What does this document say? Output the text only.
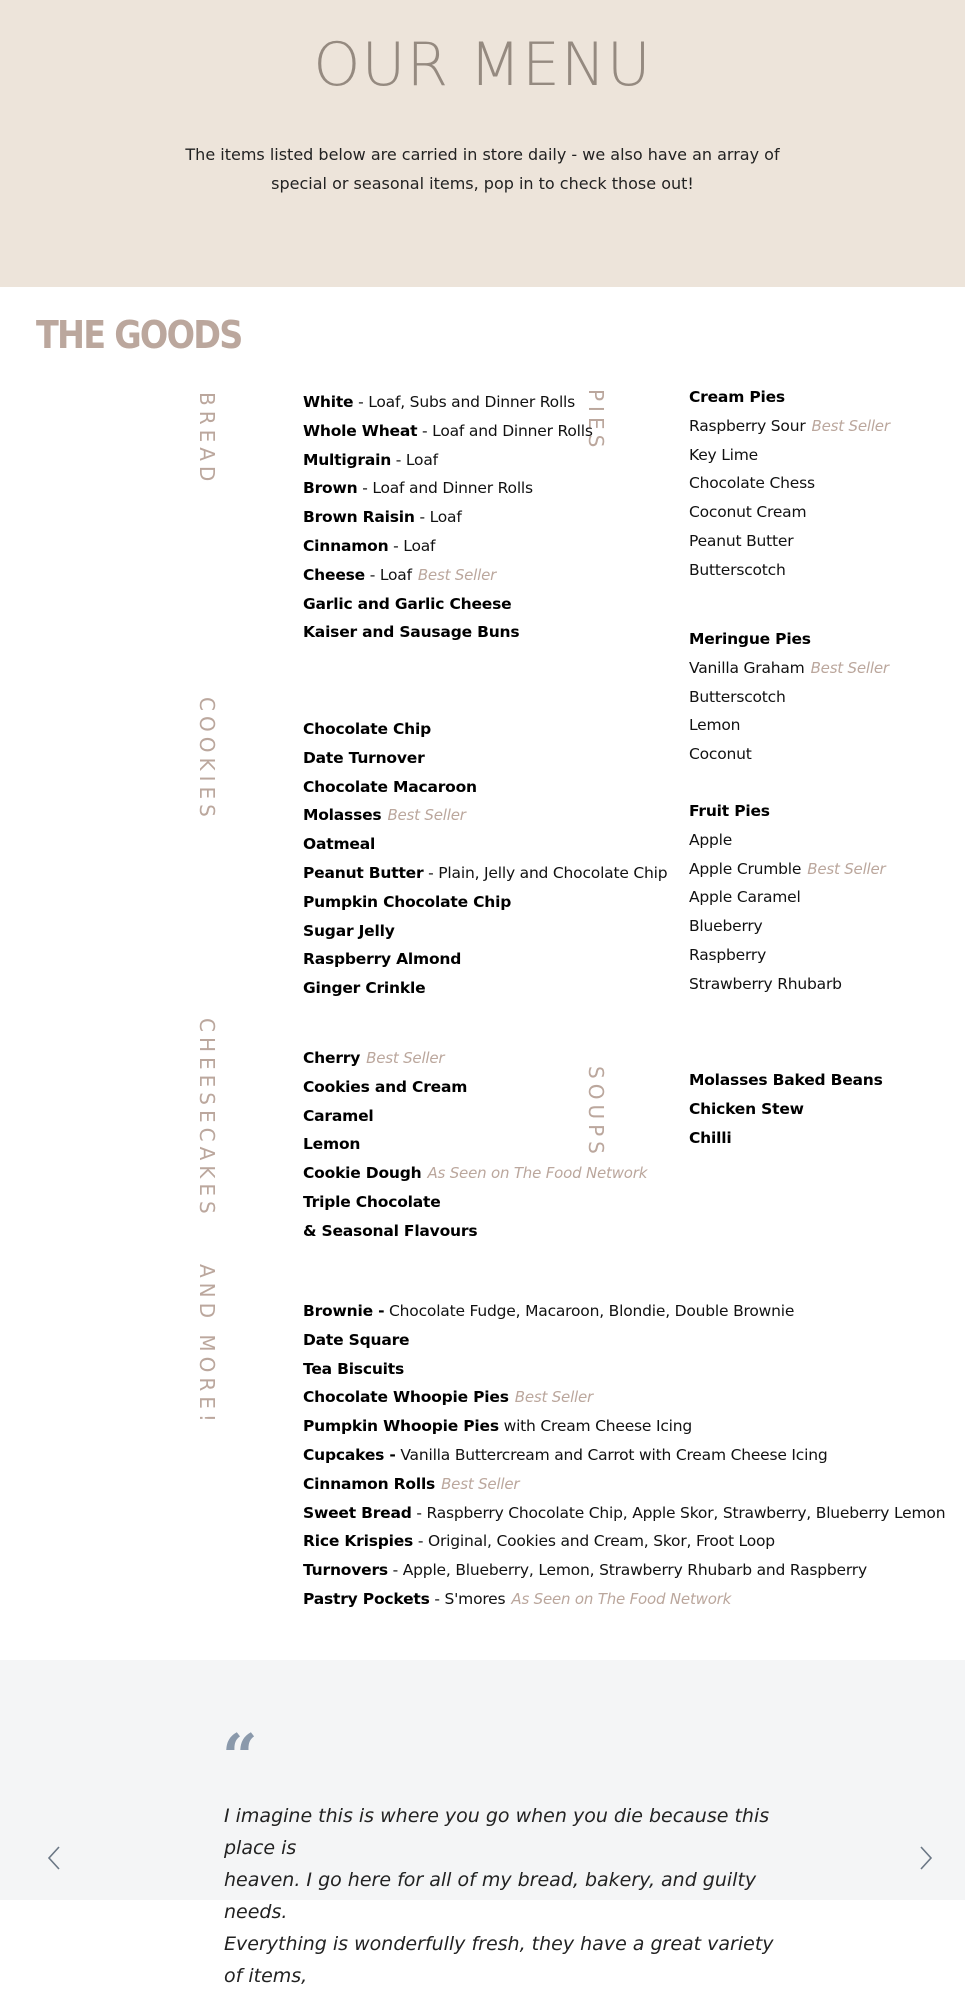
OUR MENU

The items listed below are carried in store daily - we also have an array of special or seasonal items, pop in to check those out!

THE GOODS
BREAD
COOKIES
CHEESECAKES
AND MORE!
PIES
SOUPS
White - Loaf, Subs and Dinner Rolls
Whole Wheat - Loaf and Dinner Rolls
Multigrain - Loaf
Brown - Loaf and Dinner Rolls
Brown Raisin - Loaf
Cinnamon - Loaf
Cheese - Loaf Best Seller
Garlic and Garlic Cheese
Kaiser and Sausage Buns
Chocolate Chip
Date Turnover
Chocolate Macaroon
Molasses Best Seller
Oatmeal
Peanut Butter - Plain, Jelly and Chocolate Chip
Pumpkin Chocolate Chip
Sugar Jelly
Raspberry Almond
Ginger Crinkle
Cherry Best Seller
Cookies and Cream
Caramel
Lemon
Cookie Dough As Seen on The Food Network
Triple Chocolate
& Seasonal Flavours
Brownie - Chocolate Fudge, Macaroon, Blondie, Double Brownie
Date Square
Tea Biscuits
Chocolate Whoopie Pies Best Seller
Pumpkin Whoopie Pies with Cream Cheese Icing
Cupcakes - Vanilla Buttercream and Carrot with Cream Cheese Icing
Cinnamon Rolls Best Seller
Sweet Bread - Raspberry Chocolate Chip, Apple Skor, Strawberry, Blueberry Lemon
Rice Krispies - Original, Cookies and Cream, Skor, Froot Loop
Turnovers - Apple, Blueberry, Lemon, Strawberry Rhubarb and Raspberry
Pastry Pockets - S'mores As Seen on The Food Network
Cream Pies
Raspberry Sour Best Seller
Key Lime
Chocolate Chess
Coconut Cream
Peanut Butter
Butterscotch
Meringue Pies
Vanilla Graham Best Seller
Butterscotch
Lemon
Coconut
Fruit Pies
Apple
Apple Crumble Best Seller
Apple Caramel
Blueberry
Raspberry
Strawberry Rhubarb
Molasses Baked Beans
Chicken Stew
Chilli
“
I imagine this is where you go when you die because this place is
heaven. I go here for all of my bread, bakery, and guilty needs.
Everything is wonderfully fresh, they have a great variety of items,
